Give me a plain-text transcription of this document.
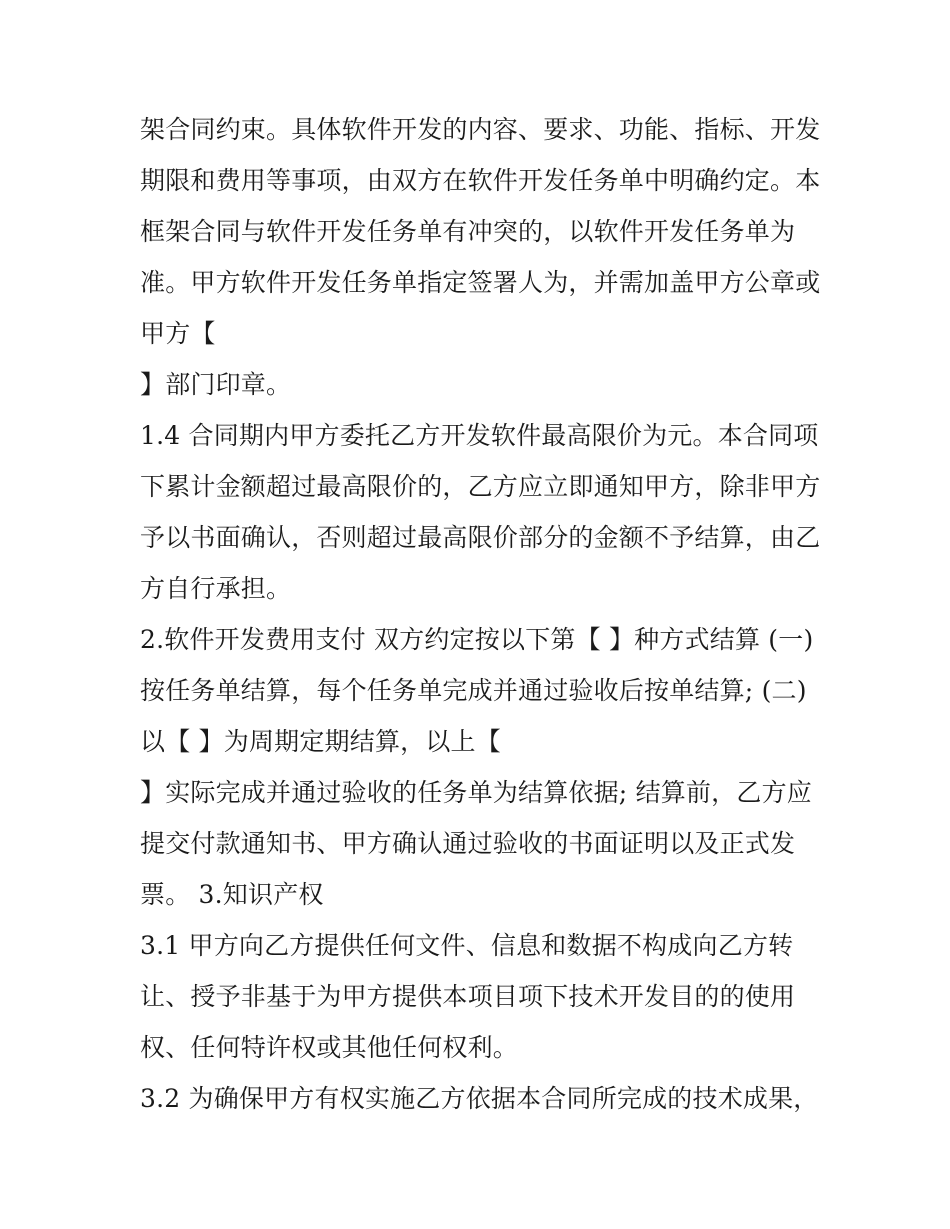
架合同约束。具体软件开发的内容、要求、功能、指标、开发
期限和费用等事项，由双方在软件开发任务单中明确约定。本
框架合同与软件开发任务单有冲突的，以软件开发任务单为
准。甲方软件开发任务单指定签署人为，并需加盖甲方公章或
甲方【
】部门印章。
1.4 合同期内甲方委托乙方开发软件最高限价为元。本合同项
下累计金额超过最高限价的，乙方应立即通知甲方，除非甲方
予以书面确认，否则超过最高限价部分的金额不予结算，由乙
方自行承担。
2.软件开发费用支付 双方约定按以下第【 】种方式结算 (一)
按任务单结算，每个任务单完成并通过验收后按单结算; (二)
以【 】为周期定期结算，以上【
】实际完成并通过验收的任务单为结算依据; 结算前，乙方应
提交付款通知书、甲方确认通过验收的书面证明以及正式发
票。 3.知识产权
3.1 甲方向乙方提供任何文件、信息和数据不构成向乙方转
让、授予非基于为甲方提供本项目项下技术开发目的的使用
权、任何特许权或其他任何权利。
3.2 为确保甲方有权实施乙方依据本合同所完成的技术成果，
